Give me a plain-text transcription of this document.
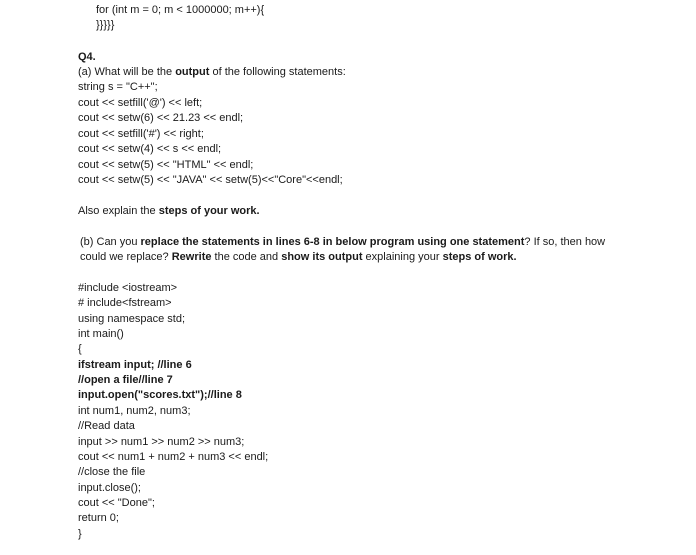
for (int m = 0; m < 1000000; m++){
}}}}}
Q4.
(a) What will be the output of the following statements:
string s = "C++";
cout << setfill('@') << left;
cout << setw(6) << 21.23 << endl;
cout << setfill('#') << right;
cout << setw(4) << s << endl;
cout << setw(5) << "HTML" << endl;
cout << setw(5) << "JAVA" << setw(5)<<"Core"<<endl;
Also explain the steps of your work.
(b) Can you replace the statements in lines 6-8 in below program using one statement? If so, then how
could we replace? Rewrite the code and show its output explaining your steps of work.
#include <iostream>
# include<fstream>
using namespace std;
int main()
{
ifstream input; //line 6
//open a file//line 7
input.open("scores.txt");//line 8
int num1, num2, num3;
//Read data
input >> num1 >> num2 >> num3;
cout << num1 + num2 + num3 << endl;
//close the file
input.close();
cout << "Done";
return 0;
}
